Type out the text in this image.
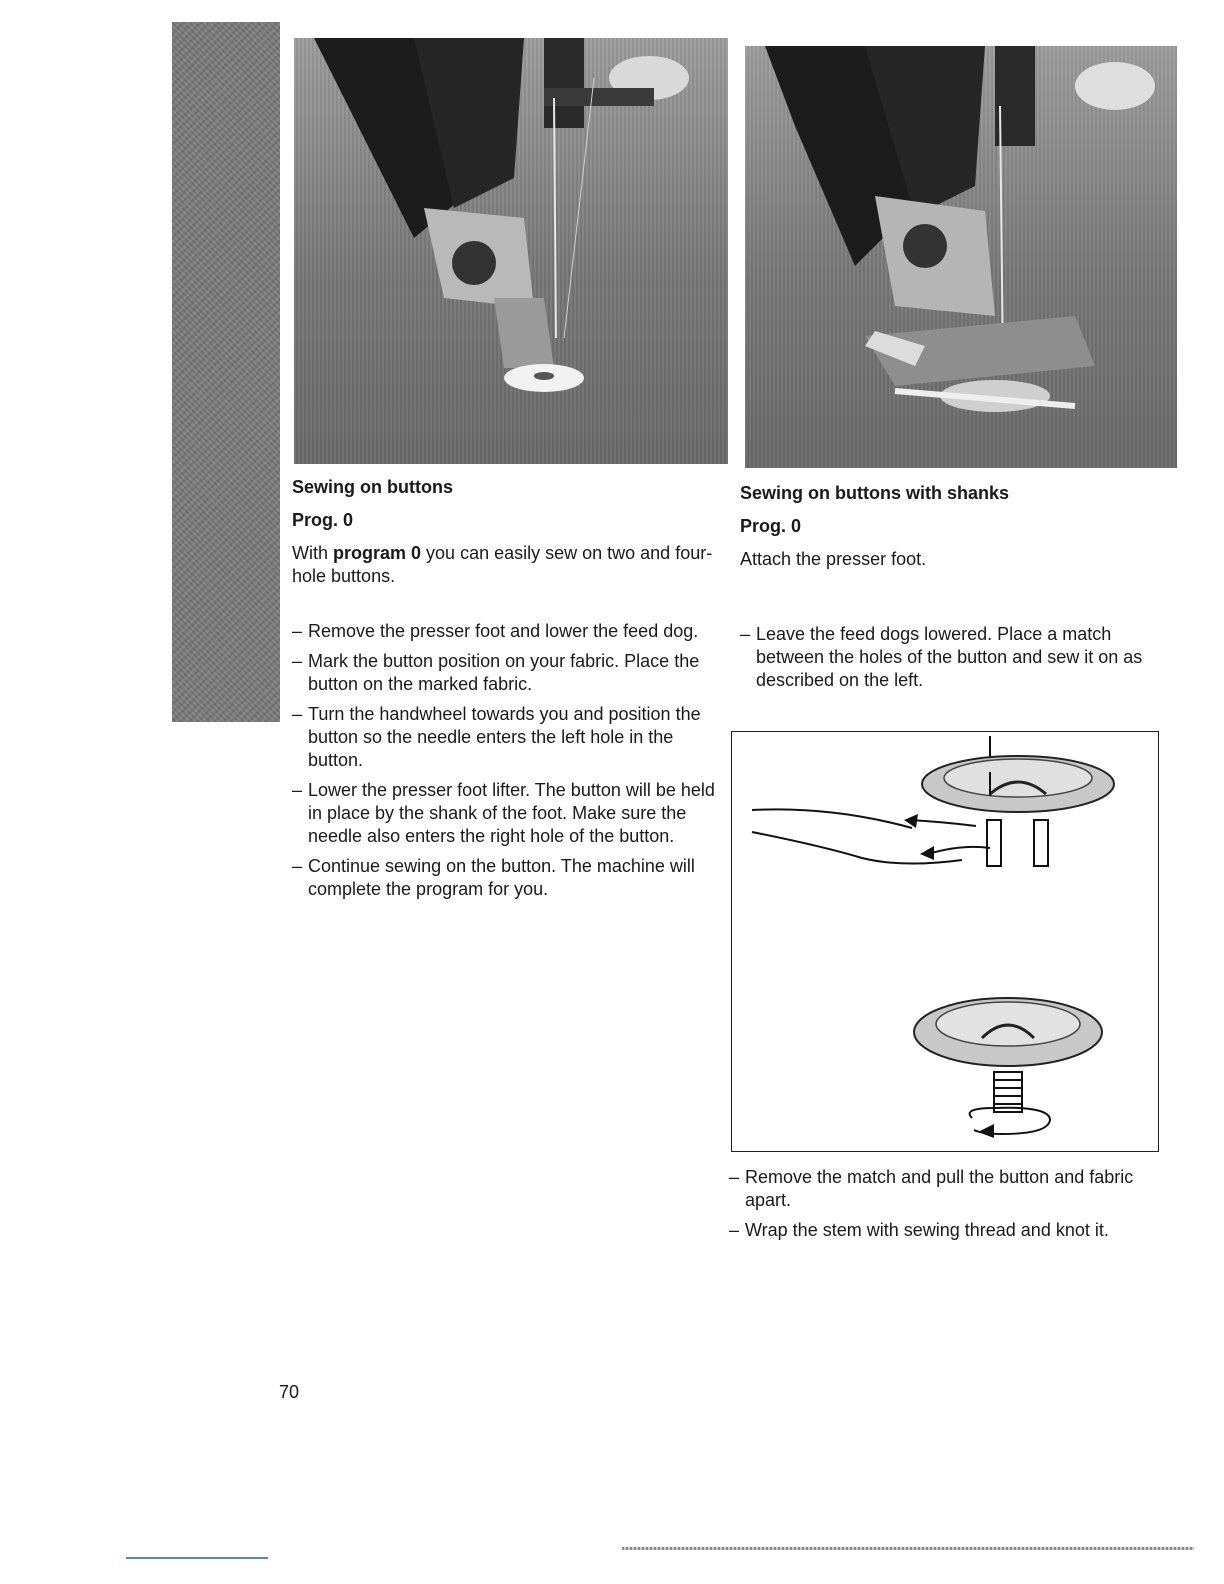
Sewing on buttons
Prog. 0

With program 0 you can easily sew on two and four-hole buttons.

– Remove the presser foot and lower the feed dog.
– Mark the button position on your fabric. Place the button on the marked fabric.
– Turn the handwheel towards you and position the button so the needle enters the left hole in the button.
– Lower the presser foot lifter. The button will be held in place by the shank of the foot. Make sure the needle also enters the right hole of the button.
– Continue sewing on the button. The machine will complete the program for you.
Sewing on buttons with shanks
Prog. 0

Attach the presser foot.

– Leave the feed dogs lowered. Place a match between the holes of the button and sew it on as described on the left.
– Remove the match and pull the button and fabric apart.
– Wrap the stem with sewing thread and knot it.
70
